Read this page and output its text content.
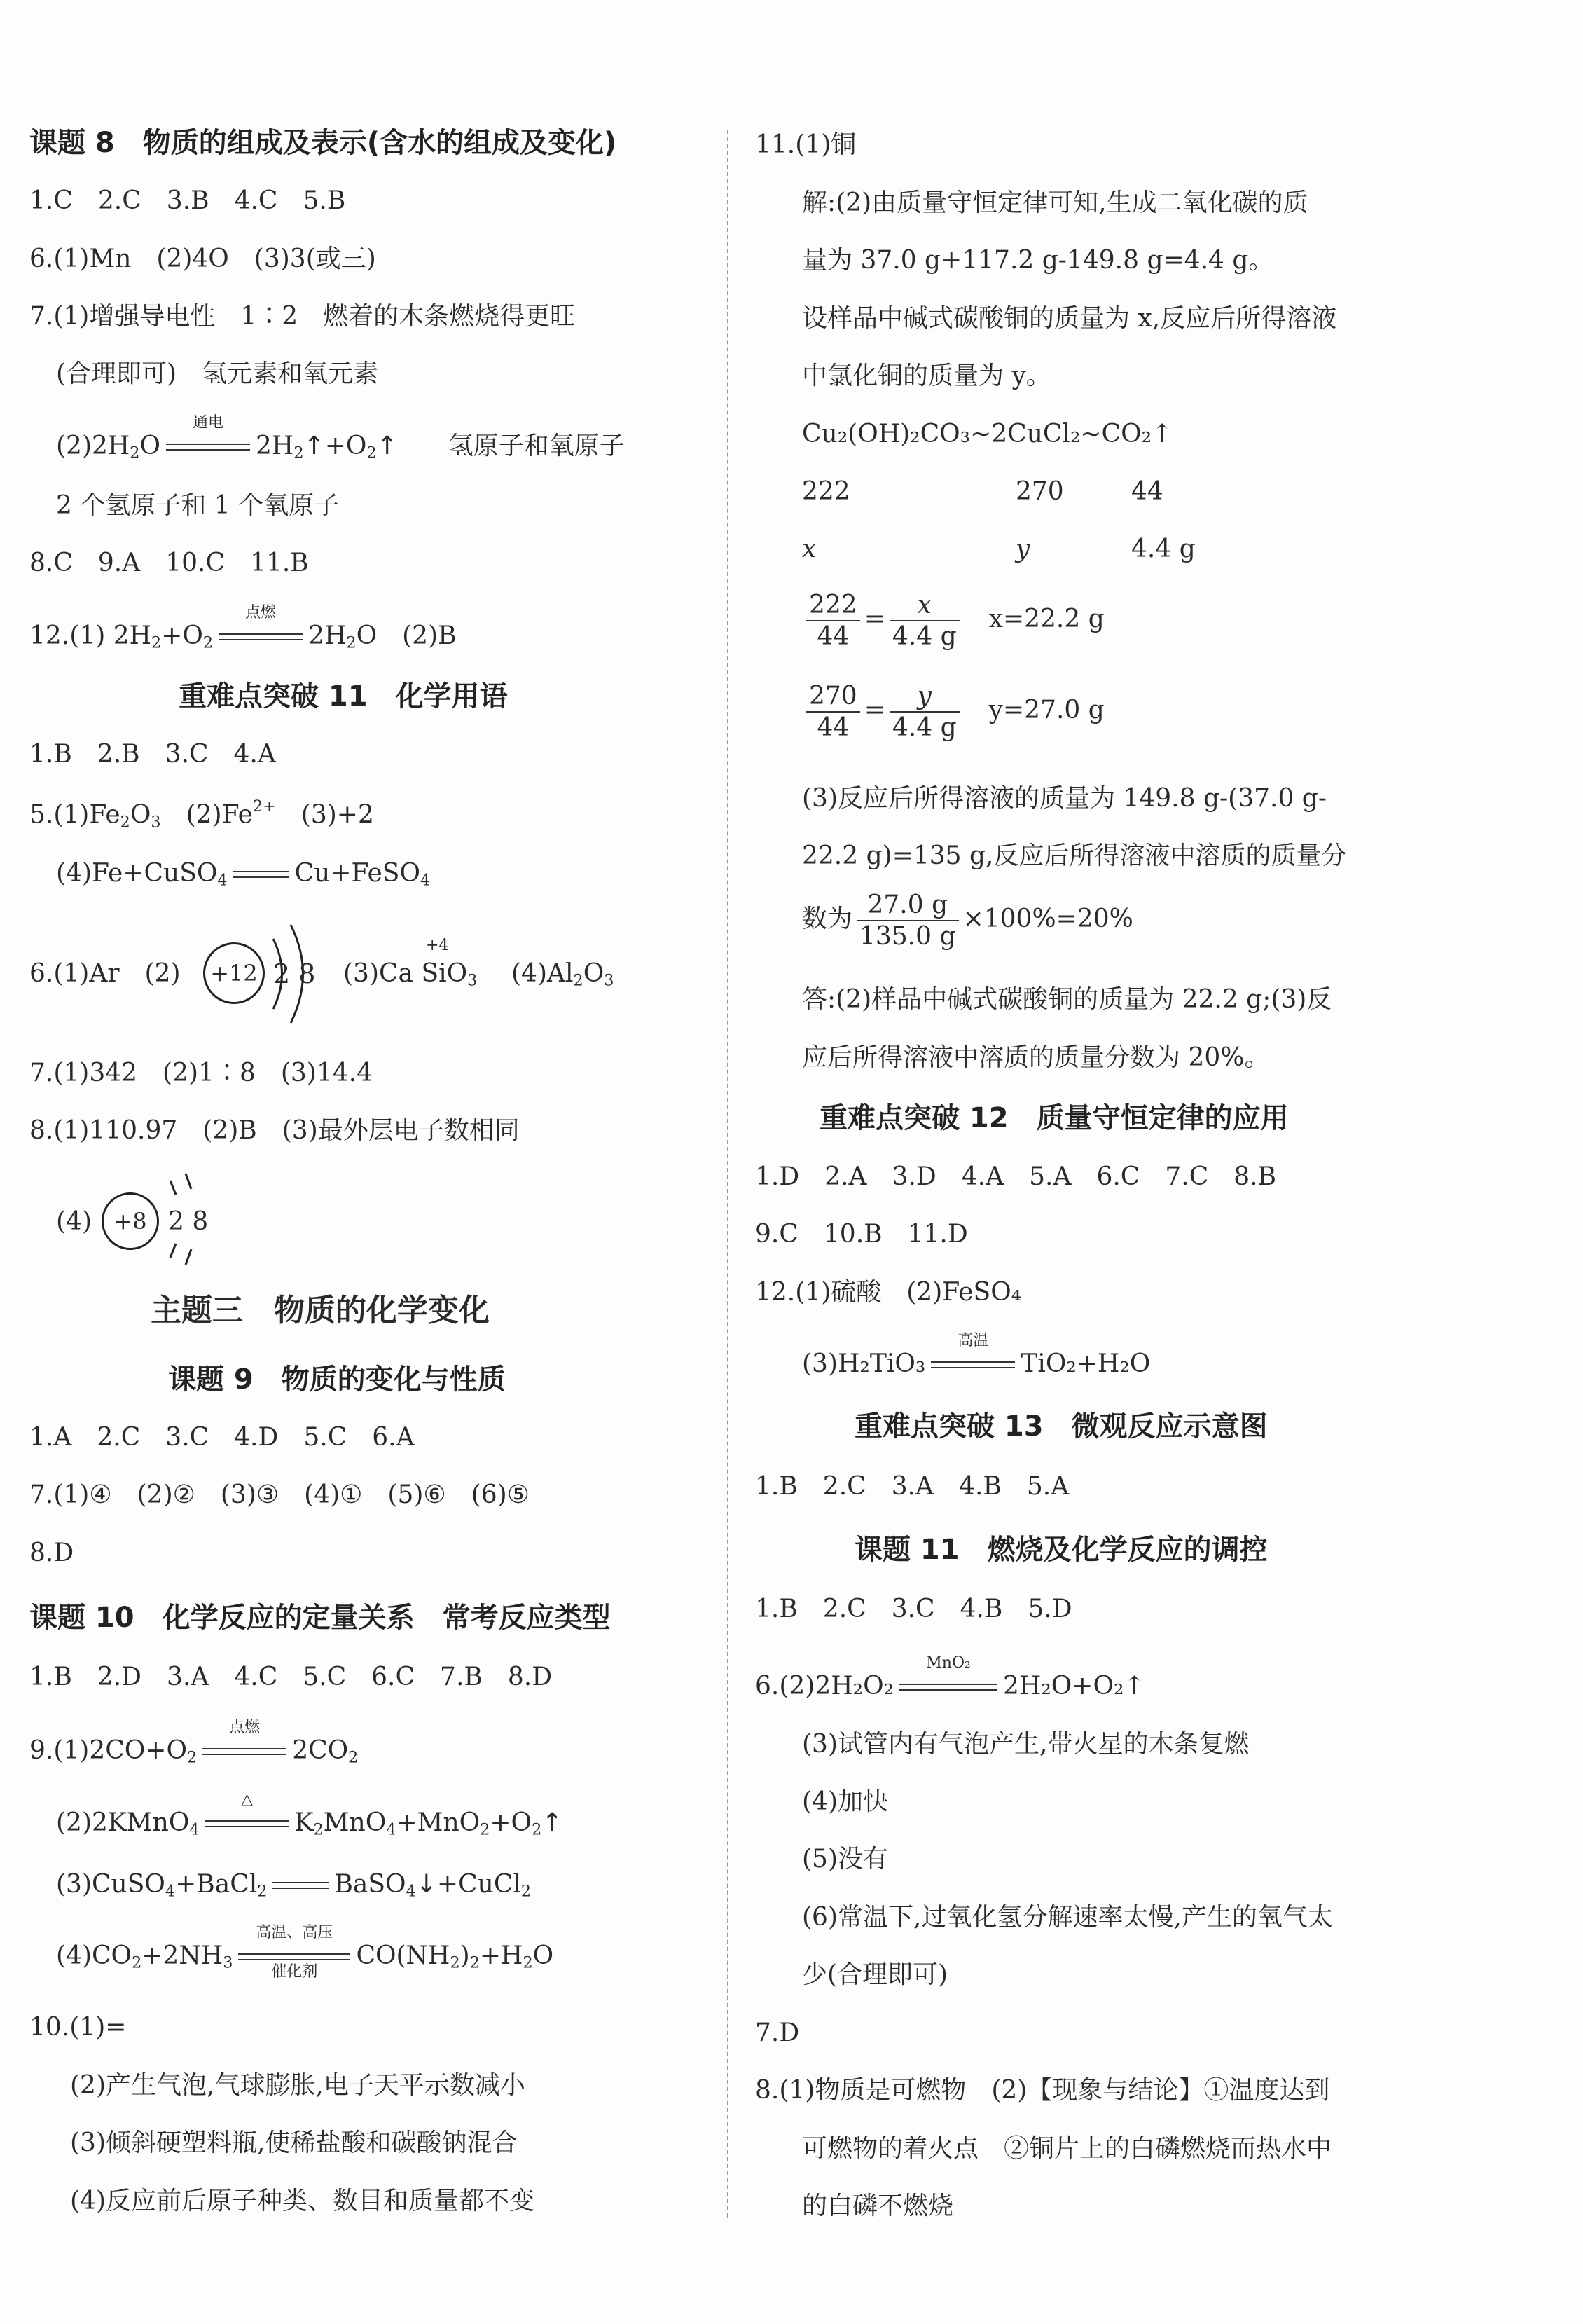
课题 8　物质的组成及表示(含水的组成及变化)
1.C　2.C　3.B　4.C　5.B
6.(1)Mn　(2)4O　(3)3(或三)
7.(1)增强导电性　1∶2　燃着的木条燃烧得更旺
(合理即可)　氢元素和氧元素
$(2)2H_2O$
通电
$2H_2↑+O_2↑$　　 氢原子和氧原子
2 个氢原子和 1 个氧原子
8.C　9.A　10.C　11.B
12.(1) $2H_2+O_2$
点燃
$2H_2O$　(2)B
重难点突破 11　化学用语
1.B　2.B　3.C　4.A
$5.(1)Fe_2O_3$　$(2)Fe^{2+}$　(3)+2
(4)Fe+CuSO$_4$	Cu+FeSO$_4$
6.(1)Ar　(2) +12 2 8 (3)Ca SiO$_3$
+4
$(4)Al_2O_3$
7.(1)342　(2)1∶8　(3)14.4
8.(1)110.97　(2)B　(3)最外层电子数相同
(4) +8 2 8
主题三　物质的化学变化
课题 9　物质的变化与性质
1.A　2.C　3.C　4.D　5.C　6.A
7.(1)④　(2)②　(3)③　(4)①　(5)⑥　(6)⑤
8.D
课题 10　化学反应的定量关系　常考反应类型
1.B　2.D　3.A　4.C　5.C　6.C　7.B　8.D
$9.(1)2CO+O_2$
点燃
$2CO_2$
(2)2KMnO$_4$
△
$K_2MnO_4+MnO_2+O_2↑$
(3)CuSO$_4$+BaCl$_2$	BaSO$_4$↓+CuCl$_2$
$(4)CO_2+2NH_3$
高温、高压
催化剂
$CO(NH_2)_2+H_2O$
10.(1)=
(2)产生气泡,气球膨胀,电子天平示数减小
(3)倾斜硬塑料瓶,使稀盐酸和碳酸钠混合
(4)反应前后原子种类、数目和质量都不变
11.(1)铜
解:(2)由质量守恒定律可知,生成二氧化碳的质
量为 37.0 g+117.2 g-149.8 g=4.4 g。
设样品中碱式碳酸铜的质量为 x,反应后所得溶液
中氯化铜的质量为 y。
Cu₂(OH)₂CO₃~2CuCl₂~CO₂↑
222	270	44
x	y	4.4 g
$\frac{222}{44} = \frac{x}{4.4 g}$
　 x=22.2 g
$\frac{270}{44} = \frac{y}{4.4 g}$
　 y=27.0 g
(3)反应后所得溶液的质量为 149.8 g-(37.0 g-
22.2 g)=135 g,反应后所得溶液中溶质的质量分
数为 $\frac{27.0 g}{135.0 g} \times 100\%=20\%$
答:(2)样品中碱式碳酸铜的质量为 22.2 g;(3)反
应后所得溶液中溶质的质量分数为 20%。
重难点突破 12　质量守恒定律的应用
1.D　2.A　3.D　4.A　5.A　6.C　7.C　8.B
9.C　10.B　11.D
12.(1)硫酸　(2)FeSO₄
(3)H₂TiO₃
高温
TiO₂+H₂O
重难点突破 13　微观反应示意图
1.B　2.C　3.A　4.B　5.A
课题 11　燃烧及化学反应的调控
1.B　2.C　3.C　4.B　5.D
6.(2)2H₂O₂
MnO₂
2H₂O+O₂↑
(3)试管内有气泡产生,带火星的木条复燃
(4)加快
(5)没有
(6)常温下,过氧化氢分解速率太慢,产生的氧气太
少(合理即可)
7.D
8.(1)物质是可燃物　(2)【现象与结论】①温度达到
可燃物的着火点　②铜片上的白磷燃烧而热水中
的白磷不燃烧
